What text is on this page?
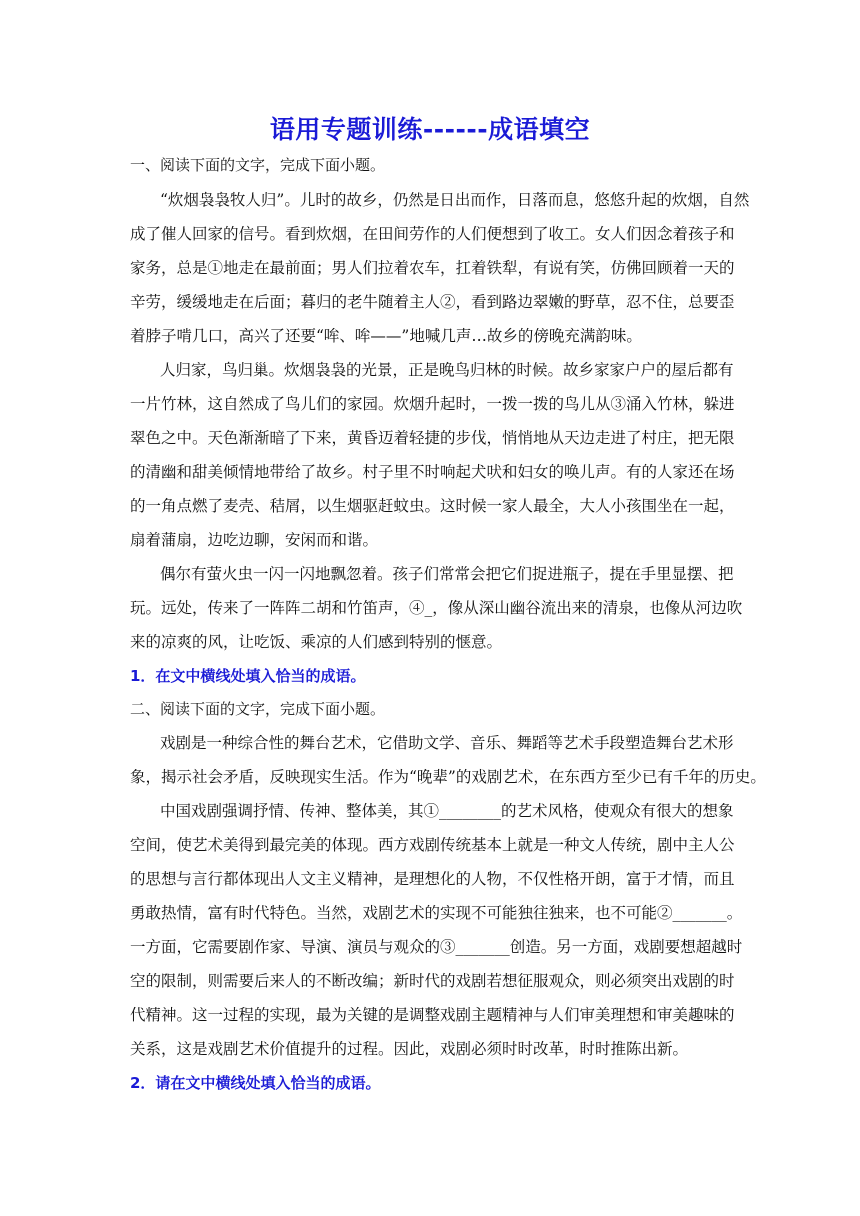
语用专题训练------成语填空
一、阅读下面的文字，完成下面小题。
“炊烟袅袅牧人归”。儿时的故乡，仍然是日出而作，日落而息，悠悠升起的炊烟，自然
成了催人回家的信号。看到炊烟，在田间劳作的人们便想到了收工。女人们因念着孩子和
家务，总是①地走在最前面；男人们拉着农车，扛着铁犁，有说有笑，仿佛回顾着一天的
辛劳，缓缓地走在后面；暮归的老牛随着主人②，看到路边翠嫩的野草，忍不住，总要歪
着脖子啃几口，高兴了还要“哞、哞——”地喊几声…故乡的傍晚充满韵味。
人归家，鸟归巢。炊烟袅袅的光景，正是晚鸟归林的时候。故乡家家户户的屋后都有
一片竹林，这自然成了鸟儿们的家园。炊烟升起时，一拨一拨的鸟儿从③涌入竹林，躲进
翠色之中。天色渐渐暗了下来，黄昏迈着轻捷的步伐，悄悄地从天边走进了村庄，把无限
的清幽和甜美倾情地带给了故乡。村子里不时响起犬吠和妇女的唤儿声。有的人家还在场
的一角点燃了麦壳、秸屑，以生烟驱赶蚊虫。这时候一家人最全，大人小孩围坐在一起，
扇着蒲扇，边吃边聊，安闲而和谐。
偶尔有萤火虫一闪一闪地飘忽着。孩子们常常会把它们捉进瓶子，提在手里显摆、把
玩。远处，传来了一阵阵二胡和竹笛声，④_，像从深山幽谷流出来的清泉，也像从河边吹
来的凉爽的风，让吃饭、乘凉的人们感到特别的惬意。
1．在文中横线处填入恰当的成语。
二、阅读下面的文字，完成下面小题。
戏剧是一种综合性的舞台艺术，它借助文学、音乐、舞蹈等艺术手段塑造舞台艺术形
象，揭示社会矛盾，反映现实生活。作为“晚辈”的戏剧艺术，在东西方至少已有千年的历史。
中国戏剧强调抒情、传神、整体美，其①________的艺术风格，使观众有很大的想象
空间，使艺术美得到最完美的体现。西方戏剧传统基本上就是一种文人传统，剧中主人公
的思想与言行都体现出人文主义精神，是理想化的人物，不仅性格开朗，富于才情，而且
勇敢热情，富有时代特色。当然，戏剧艺术的实现不可能独往独来，也不可能②_______。
一方面，它需要剧作家、导演、演员与观众的③_______创造。另一方面，戏剧要想超越时
空的限制，则需要后来人的不断改编；新时代的戏剧若想征服观众，则必须突出戏剧的时
代精神。这一过程的实现，最为关键的是调整戏剧主题精神与人们审美理想和审美趣味的
关系，这是戏剧艺术价值提升的过程。因此，戏剧必须时时改革，时时推陈出新。
2．请在文中横线处填入恰当的成语。
